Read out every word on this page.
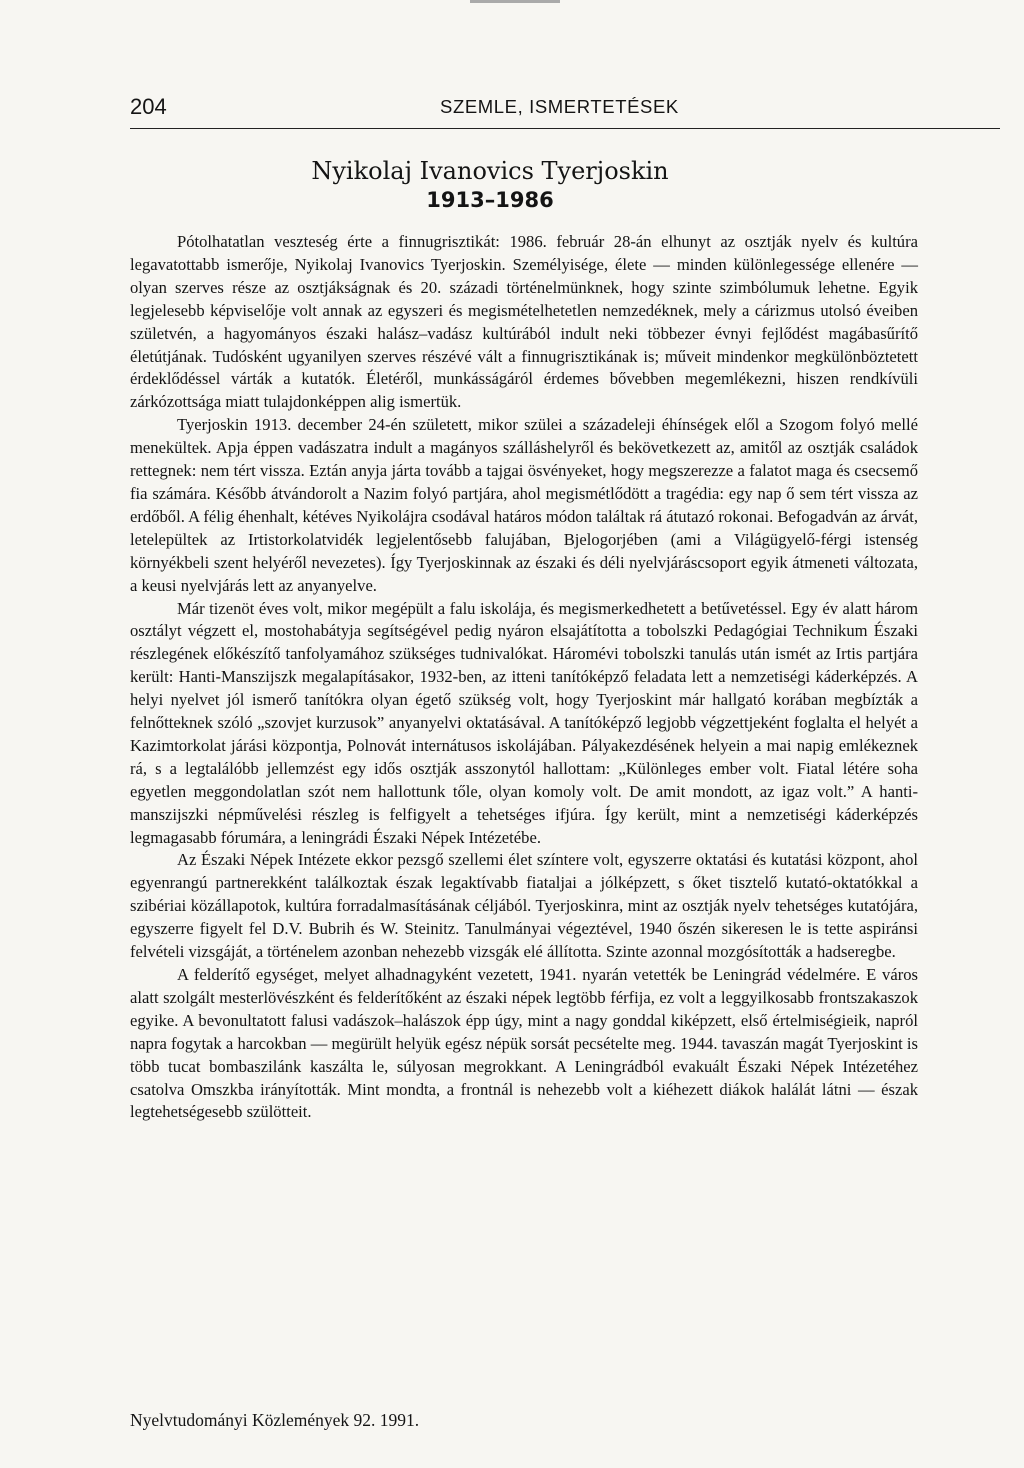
204	SZEMLE, ISMERTETÉSEK
Nyikolaj Ivanovics Tyerjoskin
1913–1986

Pótolhatatlan veszteség érte a finnugrisztikát: 1986. február 28-án elhunyt az osztják nyelv és kultúra legavatottabb ismerője, Nyikolaj Ivanovics Tyerjoskin. Személyisége, élete — minden különlegessége ellenére — olyan szerves része az osztjákságnak és 20. századi történelmünknek, hogy szinte szimbólumuk lehetne. Egyik legjelesebb képviselője volt annak az egyszeri és megismételhetetlen nemzedéknek, mely a cárizmus utolsó éveiben születvén, a hagyományos északi halász–vadász kultúrából indult neki többezer évnyi fejlődést magábasűrítő életútjának. Tudósként ugyanilyen szerves részévé vált a finnugrisztikának is; műveit mindenkor megkülönböztetett érdeklődéssel várták a kutatók. Életéről, munkásságáról érdemes bővebben megemlékezni, hiszen rendkívüli zárkózottsága miatt tulajdonképpen alig ismertük.

Tyerjoskin 1913. december 24-én született, mikor szülei a századeleji éhínségek elől a Szogom folyó mellé menekültek. Apja éppen vadászatra indult a magányos szálláshelyről és bekövetkezett az, amitől az osztják családok rettegnek: nem tért vissza. Eztán anyja járta tovább a tajgai ösvényeket, hogy megszerezze a falatot maga és csecsemő fia számára. Később átvándorolt a Nazim folyó partjára, ahol megismétlődött a tragédia: egy nap ő sem tért vissza az erdőből. A félig éhenhalt, kétéves Nyikolájra csodával határos módon találtak rá átutazó rokonai. Befogadván az árvát, letelepültek az Irtistorkolatvidék legjelentősebb falujában, Bjelogorjében (ami a Világügyelő-férgi istenség környékbeli szent helyéről nevezetes). Így Tyerjoskinnak az északi és déli nyelvjáráscsoport egyik átmeneti változata, a keusi nyelvjárás lett az anyanyelve.

Már tizenöt éves volt, mikor megépült a falu iskolája, és megismerkedhetett a betűvetéssel. Egy év alatt három osztályt végzett el, mostohabátyja segítségével pedig nyáron elsajátította a tobolszki Pedagógiai Technikum Északi részlegének előkészítő tanfolyamához szükséges tudnivalókat. Háromévi tobolszki tanulás után ismét az Irtis partjára került: Hanti-Manszijszk megalapításakor, 1932-ben, az itteni tanítóképző feladata lett a nemzetiségi káderképzés. A helyi nyelvet jól ismerő tanítókra olyan égető szükség volt, hogy Tyerjoskint már hallgató korában megbízták a felnőtteknek szóló „szovjet kurzusok” anyanyelvi oktatásával. A tanítóképző legjobb végzettjeként foglalta el helyét a Kazimtorkolat járási központja, Polnovát internátusos iskolájában. Pályakezdésének helyein a mai napig emlékeznek rá, s a legtalálóbb jellemzést egy idős osztják asszonytól hallottam: „Különleges ember volt. Fiatal létére soha egyetlen meggondolatlan szót nem hallottunk tőle, olyan komoly volt. De amit mondott, az igaz volt.” A hanti-manszijszki népművelési részleg is felfigyelt a tehetséges ifjúra. Így került, mint a nemzetiségi káderképzés legmagasabb fórumára, a leningrádi Északi Népek Intézetébe.

Az Északi Népek Intézete ekkor pezsgő szellemi élet színtere volt, egyszerre oktatási és kutatási központ, ahol egyenrangú partnerekként találkoztak észak legaktívabb fiataljai a jólképzett, s őket tisztelő kutató-oktatókkal a szibériai közállapotok, kultúra forradalmasításának céljából. Tyerjoskinra, mint az osztják nyelv tehetséges kutatójára, egyszerre figyelt fel D.V. Bubrih és W. Steinitz. Tanulmányai végeztével, 1940 őszén sikeresen le is tette aspiránsi felvételi vizsgáját, a történelem azonban nehezebb vizsgák elé állította. Szinte azonnal mozgósították a hadseregbe.

A felderítő egységet, melyet alhadnagyként vezetett, 1941. nyarán vetették be Leningrád védelmére. E város alatt szolgált mesterlövészként és felderítőként az északi népek legtöbb férfija, ez volt a leggyilkosabb frontszakaszok egyike. A bevonultatott falusi vadászok–halászok épp úgy, mint a nagy gonddal kiképzett, első értelmiségieik, napról napra fogytak a harcokban — megürült helyük egész népük sorsát pecsételte meg. 1944. tavaszán magát Tyerjoskint is több tucat bombaszilánk kaszálta le, súlyosan megrokkant. A Leningrádból evakuált Északi Népek Intézetéhez csatolva Omszkba irányították. Mint mondta, a frontnál is nehezebb volt a kiéhezett diákok halálát látni — észak legtehetségesebb szülötteit.

Nyelvtudományi Közlemények 92. 1991.
